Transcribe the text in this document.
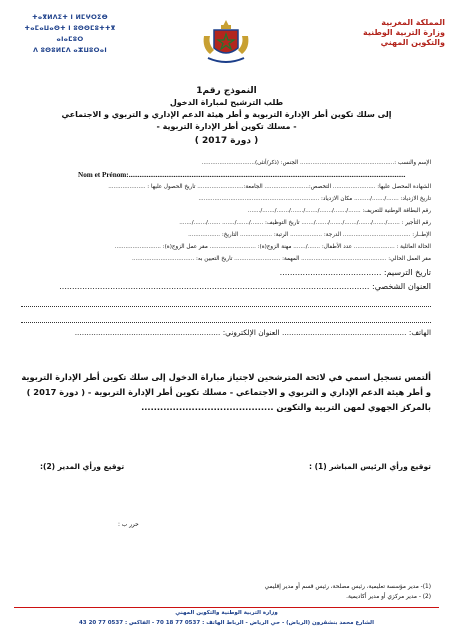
ⵜⴰⴳⵍⴷⵉⵜ ⵏ ⵍⵎⵖⵔⵉⴱ
ⵜⴰⵎⴰⵡⴰⵙⵜ ⵏ ⵓⵙⵙⵎⵓⵜⵜⴳ ⴰⵏⴰⵎⵓⵔ
ⴷ ⵓⵙⵓⵍⵎⴷ ⴰⵣⵡⵓⵔⴰⵏ
المملكة المغربية
وزارة التربية الوطنية
والتكوين المهني
النموذج رقم1
طلب الترشيح لمباراة الدخول
إلى سلك تكوين أطر الإدارة التربوية و أطر هيئة الدعم الإداري و التربوي و الاجتماعي
- مسلك تكوين أطر الإدارة التربوية -
( دورة 2017 )
الإسم والنسب :..................................................... الجنس: (ذكر/أنثى)..............................
Nom et Prénom:..........................................................................................................................................................
الشهادة المحصل عليها: ........................ التخصص:......................... الجامعة:.......................... تاريخ الحصول عليها : .....................
تاريخ الازدياد: ......./......./......... مكان الازدياد: ....................................................................
رقم البطاقة الوطنية للتعريف: ......./......./......./......./......./......./......./.......
رقم التأجير : ......./......./......./......./......./......./....... تاريخ التوظيف: ......./......./....... ......./......./.......
الإطــار: ...................................... الدرجة: .................. الرتبة: .................. التاريخ: ..................
الحالة العائلية : ....................... عدد الأطفال: ......./....... مهنة الزوج(ة): .......................... مقر عمل الزوج(ة): ..........................
مقر العمل الحالي: ................................................ المهمة: .......................... تاريخ التعيين به: ...................................
تاريخ الترسيم: ........................................
العنوان الشخصي: ..........................................................................................................................
الهاتف: ..................................................... العنوان الإلكتروني: ..............................................................
ألتمس تسجيل اسمي في لائحة المترشحين لاجتياز مباراة الدخول إلى سلك تكوين أطر الإدارة التربوية و أطر هيئة الدعم الإداري و التربوي و الاجتماعي - مسلك تكوين أطر الإدارة التربوية - ( دورة 2017 ) بالمركز الجهوي لمهن التربية والتكوين ..........................................
توقيع ورأي الرئيس المباشر (1) :
توقيع ورأي المدير (2):
حرر ب :
(1)- مدير مؤسسة تعليمية، رئيس مصلحة، رئيس قسم أو مدير إقليمي
(2) - مدير مركزي أو مدير أكاديمية.
وزارة التربية الوطنية والتكوين المهني
الشارع محمد بنشقرون (الرياض) - حي الرياض - الرباط الهاتف : 0537 77 18 70 - الفاكس : 0537 77 20 43
